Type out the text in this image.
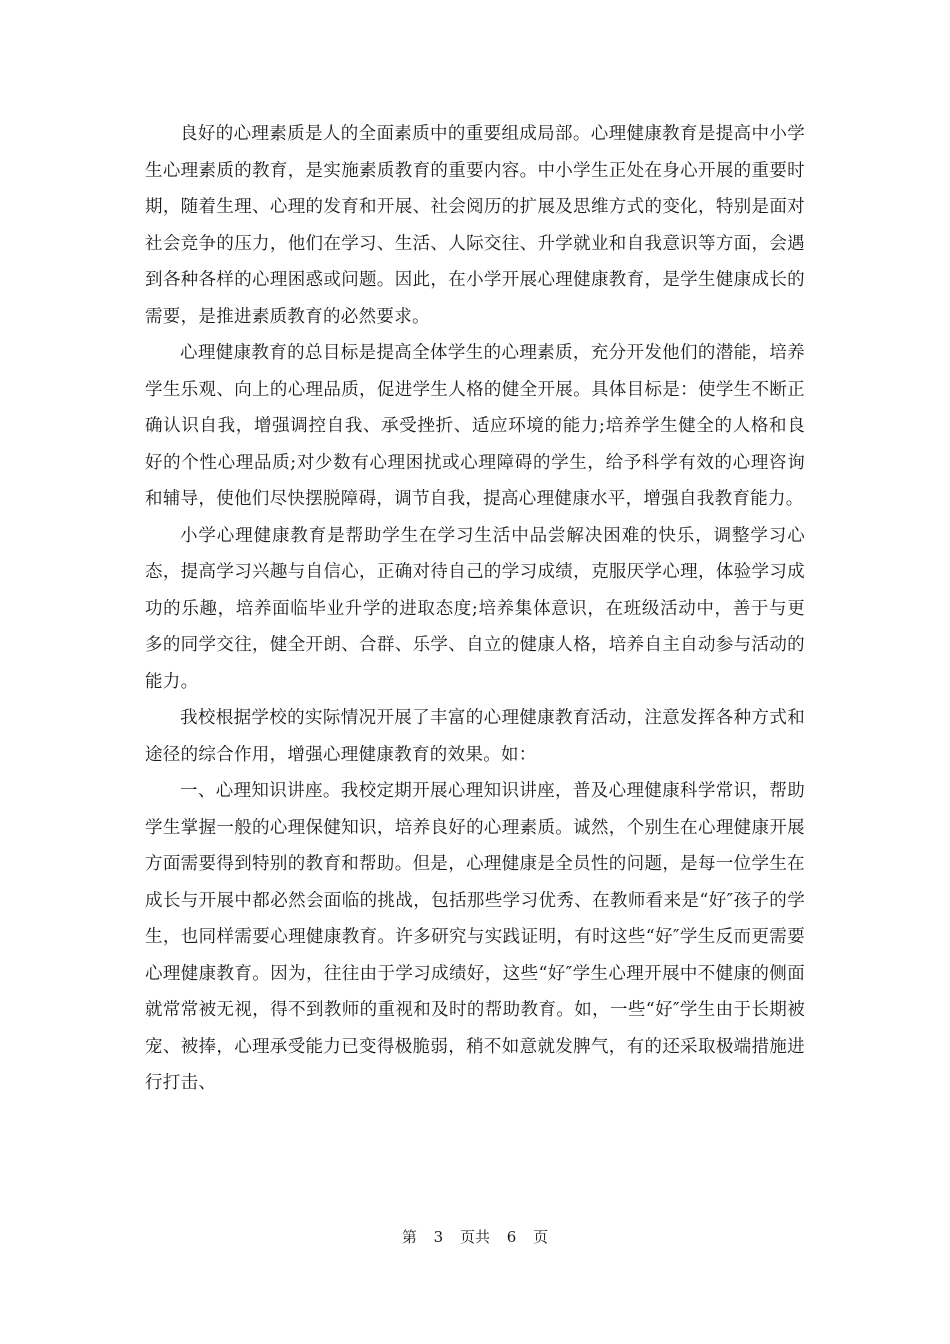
良好的心理素质是人的全面素质中的重要组成局部。心理健康教育是提高中小学生心理素质的教育，是实施素质教育的重要内容。中小学生正处在身心开展的重要时期，随着生理、心理的发育和开展、社会阅历的扩展及思维方式的变化，特别是面对社会竞争的压力，他们在学习、生活、人际交往、升学就业和自我意识等方面，会遇到各种各样的心理困惑或问题。因此，在小学开展心理健康教育，是学生健康成长的需要，是推进素质教育的必然要求。

心理健康教育的总目标是提高全体学生的心理素质，充分开发他们的潜能，培养学生乐观、向上的心理品质，促进学生人格的健全开展。具体目标是：使学生不断正确认识自我，增强调控自我、承受挫折、适应环境的能力;培养学生健全的人格和良好的个性心理品质;对少数有心理困扰或心理障碍的学生，给予科学有效的心理咨询和辅导，使他们尽快摆脱障碍，调节自我，提高心理健康水平，增强自我教育能力。

小学心理健康教育是帮助学生在学习生活中品尝解决困难的快乐，调整学习心态，提高学习兴趣与自信心，正确对待自己的学习成绩，克服厌学心理，体验学习成功的乐趣，培养面临毕业升学的进取态度;培养集体意识，在班级活动中，善于与更多的同学交往，健全开朗、合群、乐学、自立的健康人格，培养自主自动参与活动的能力。

我校根据学校的实际情况开展了丰富的心理健康教育活动，注意发挥各种方式和途径的综合作用，增强心理健康教育的效果。如：

一、心理知识讲座。我校定期开展心理知识讲座，普及心理健康科学常识，帮助学生掌握一般的心理保健知识，培养良好的心理素质。诚然，个别生在心理健康开展方面需要得到特别的教育和帮助。但是，心理健康是全员性的问题，是每一位学生在成长与开展中都必然会面临的挑战，包括那些学习优秀、在教师看来是“好″孩子的学生，也同样需要心理健康教育。许多研究与实践证明，有时这些“好″学生反而更需要心理健康教育。因为，往往由于学习成绩好，这些“好″学生心理开展中不健康的侧面就常常被无视，得不到教师的重视和及时的帮助教育。如，一些“好″学生由于长期被宠、被捧，心理承受能力已变得极脆弱，稍不如意就发脾气，有的还采取极端措施进行打击、

第 3 页共 6 页
